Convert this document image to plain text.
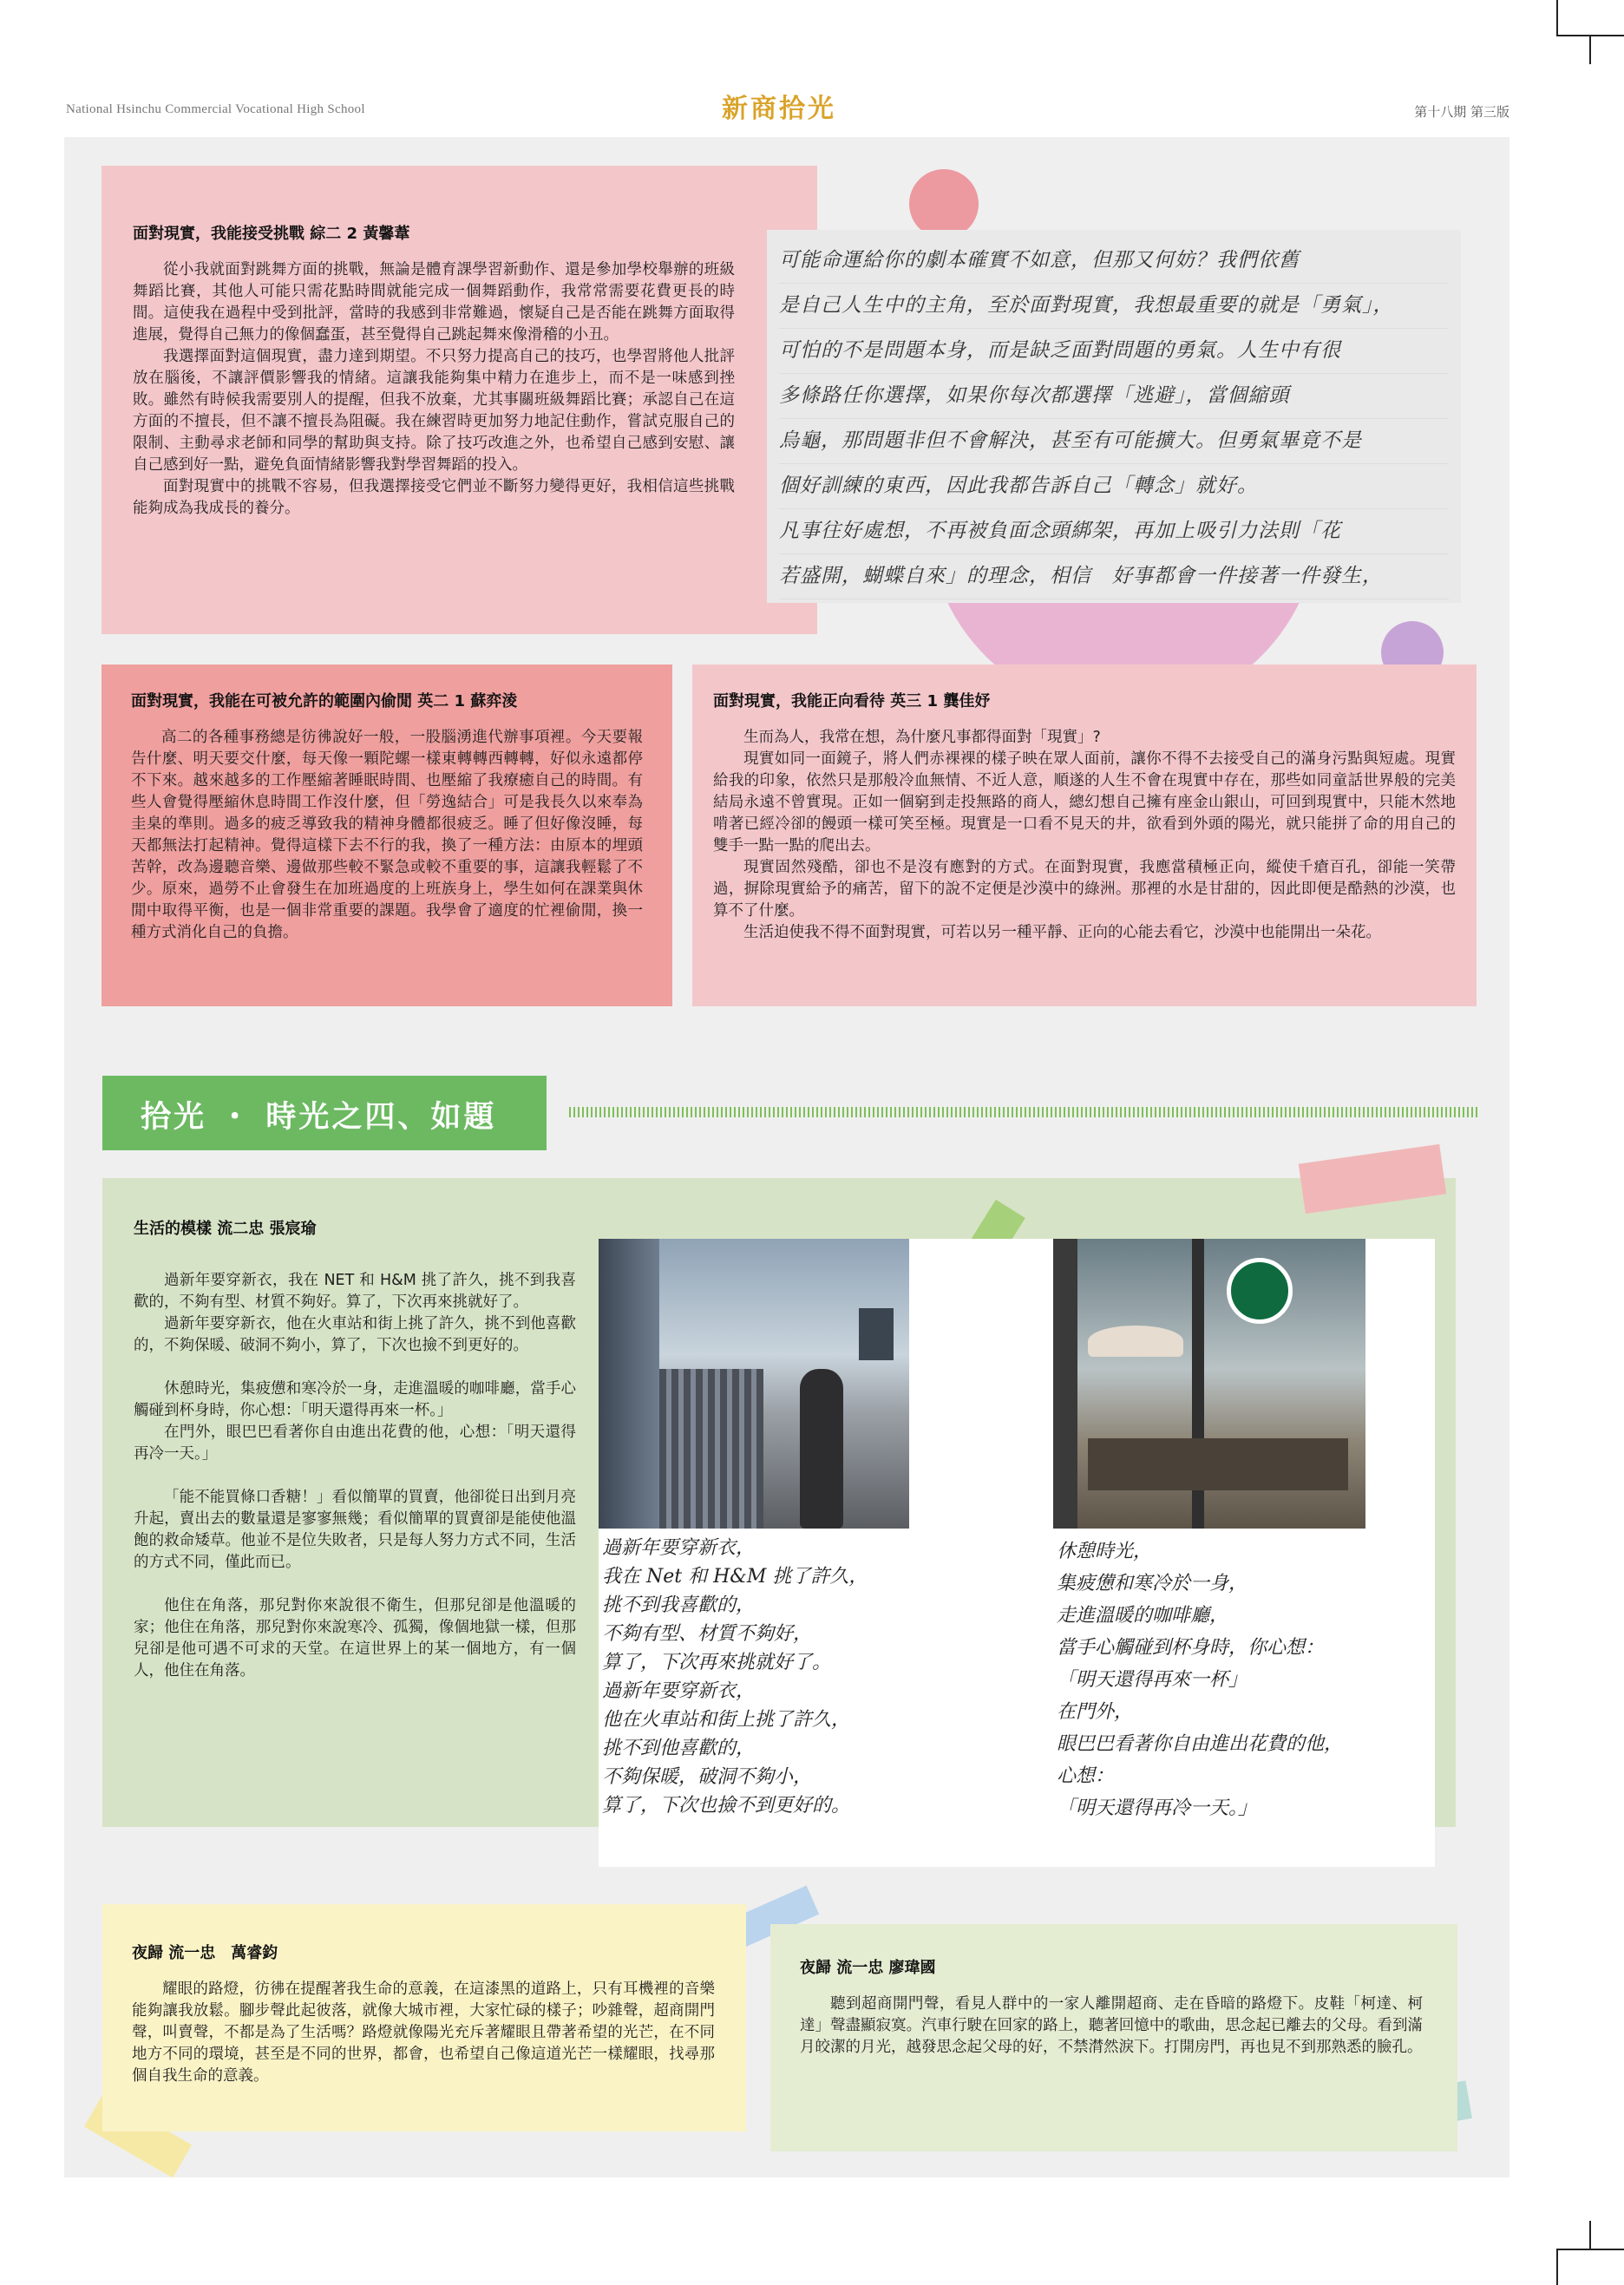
National Hsinchu Commercial Vocational High School	新商拾光	第十八期 第三版
面對現實，我能接受挑戰 綜二 2 黃馨葦

從小我就面對跳舞方面的挑戰，無論是體育課學習新動作、還是參加學校舉辦的班級舞蹈比賽，其他人可能只需花點時間就能完成一個舞蹈動作，我常常需要花費更長的時間。這使我在過程中受到批評，當時的我感到非常難過，懷疑自己是否能在跳舞方面取得進展，覺得自己無力的像個蠢蛋，甚至覺得自己跳起舞來像滑稽的小丑。

我選擇面對這個現實，盡力達到期望。不只努力提高自己的技巧，也學習將他人批評放在腦後，不讓評價影響我的情緒。這讓我能夠集中精力在進步上，而不是一味感到挫敗。雖然有時候我需要別人的提醒，但我不放棄，尤其事關班級舞蹈比賽；承認自己在這方面的不擅長，但不讓不擅長為阻礙。我在練習時更加努力地記住動作，嘗試克服自己的限制、主動尋求老師和同學的幫助與支持。除了技巧改進之外，也希望自己感到安慰、讓自己感到好一點，避免負面情緒影響我對學習舞蹈的投入。

面對現實中的挑戰不容易，但我選擇接受它們並不斷努力變得更好，我相信這些挑戰能夠成為我成長的養分。

可能命運給你的劇本確實不如意，但那又何妨？我們依舊
是自己人生中的主角，至於面對現實，我想最重要的就是「勇氣」，
可怕的不是問題本身，而是缺乏面對問題的勇氣。人生中有很
多條路任你選擇，如果你每次都選擇「逃避」，當個縮頭
烏龜，那問題非但不會解決，甚至有可能擴大。但勇氣畢竟不是
個好訓練的東西，因此我都告訴自己「轉念」就好。
凡事往好處想，不再被負面念頭綁架，再加上吸引力法則「花
若盛開，蝴蝶自來」的理念，相信　好事都會一件接著一件發生，
面對現實，我能在可被允許的範圍內偷閒 英二 1 蘇弈淩

高二的各種事務總是彷彿說好一般，一股腦湧進代辦事項裡。今天要報告什麼、明天要交什麼，每天像一顆陀螺一樣東轉轉西轉轉，好似永遠都停不下來。越來越多的工作壓縮著睡眠時間、也壓縮了我療癒自己的時間。有些人會覺得壓縮休息時間工作沒什麼，但「勞逸結合」可是我長久以來奉為圭臬的準則。過多的疲乏導致我的精神身體都很疲乏。睡了但好像沒睡，每天都無法打起精神。覺得這樣下去不行的我，換了一種方法：由原本的埋頭苦幹，改為邊聽音樂、邊做那些較不緊急或較不重要的事，這讓我輕鬆了不少。原來，過勞不止會發生在加班過度的上班族身上，學生如何在課業與休閒中取得平衡，也是一個非常重要的課題。我學會了適度的忙裡偷閒，換一種方式消化自己的負擔。

面對現實，我能正向看待 英三 1 龔佳妤

生而為人，我常在想，為什麼凡事都得面對「現實」?

現實如同一面鏡子，將人們赤裸裸的樣子映在眾人面前，讓你不得不去接受自己的滿身污點與短處。現實給我的印象，依然只是那般冷血無情、不近人意，順遂的人生不會在現實中存在，那些如同童話世界般的完美結局永遠不曾實現。正如一個窮到走投無路的商人，總幻想自己擁有座金山銀山，可回到現實中，只能木然地啃著已經冷卻的饅頭一樣可笑至極。現實是一口看不見天的井，欲看到外頭的陽光，就只能拼了命的用自己的雙手一點一點的爬出去。

現實固然殘酷，卻也不是沒有應對的方式。在面對現實，我應當積極正向，縱使千瘡百孔，卻能一笑帶過，摒除現實給予的痛苦，留下的說不定便是沙漠中的綠洲。那裡的水是甘甜的，因此即便是酷熱的沙漠，也算不了什麼。

生活迫使我不得不面對現實，可若以另一種平靜、正向的心能去看它，沙漠中也能開出一朵花。

拾光 ・ 時光之四、如題
生活的模樣 流二忠 張宸瑜

過新年要穿新衣，我在 NET 和 H&M 挑了許久，挑不到我喜歡的，不夠有型、材質不夠好。算了，下次再來挑就好了。

過新年要穿新衣，他在火車站和街上挑了許久，挑不到他喜歡的，不夠保暖、破洞不夠小，算了，下次也撿不到更好的。

休憩時光，集疲憊和寒冷於一身，走進溫暖的咖啡廳，當手心觸碰到杯身時，你心想：「明天還得再來一杯。」

在門外，眼巴巴看著你自由進出花費的他，心想：「明天還得再冷一天。」

「能不能買條口香糖！」看似簡單的買賣，他卻從日出到月亮升起，賣出去的數量還是寥寥無幾；看似簡單的買賣卻是能使他溫飽的救命矮草。他並不是位失敗者，只是每人努力方式不同，生活的方式不同，僅此而已。

他住在角落，那兒對你來說很不衛生，但那兒卻是他溫暖的家；他住在角落，那兒對你來說寒冷、孤獨，像個地獄一樣，但那兒卻是他可遇不可求的天堂。在這世界上的某一個地方，有一個人，他住在角落。

過新年要穿新衣，
我在 Net 和 H&M 挑了許久，
挑不到我喜歡的，
不夠有型、材質不夠好，
算了，下次再來挑就好了。
過新年要穿新衣，
他在火車站和街上挑了許久，
挑不到他喜歡的，
不夠保暖，破洞不夠小，
算了，下次也撿不到更好的。
休憩時光，
集疲憊和寒冷於一身，
走進溫暖的咖啡廳，
當手心觸碰到杯身時，你心想：
「明天還得再來一杯」
在門外，
眼巴巴看著你自由進出花費的他，
心想：
「明天還得再冷一天。」
夜歸 流一忠　萬睿鈞

耀眼的路燈，彷彿在提醒著我生命的意義，在這漆黑的道路上，只有耳機裡的音樂能夠讓我放鬆。腳步聲此起彼落，就像大城市裡，大家忙碌的樣子；吵雜聲，超商開門聲，叫賣聲，不都是為了生活嗎？路燈就像陽光充斥著耀眼且帶著希望的光芒，在不同地方不同的環境，甚至是不同的世界，都會，也希望自己像這道光芒一樣耀眼，找尋那個自我生命的意義。

夜歸 流一忠 廖瑋國

聽到超商開門聲，看見人群中的一家人離開超商、走在昏暗的路燈下。皮鞋「柯達、柯達」聲盡顯寂寞。汽車行駛在回家的路上，聽著回憶中的歌曲，思念起已離去的父母。看到滿月皎潔的月光，越發思念起父母的好，不禁潸然淚下。打開房門，再也見不到那熟悉的臉孔。
